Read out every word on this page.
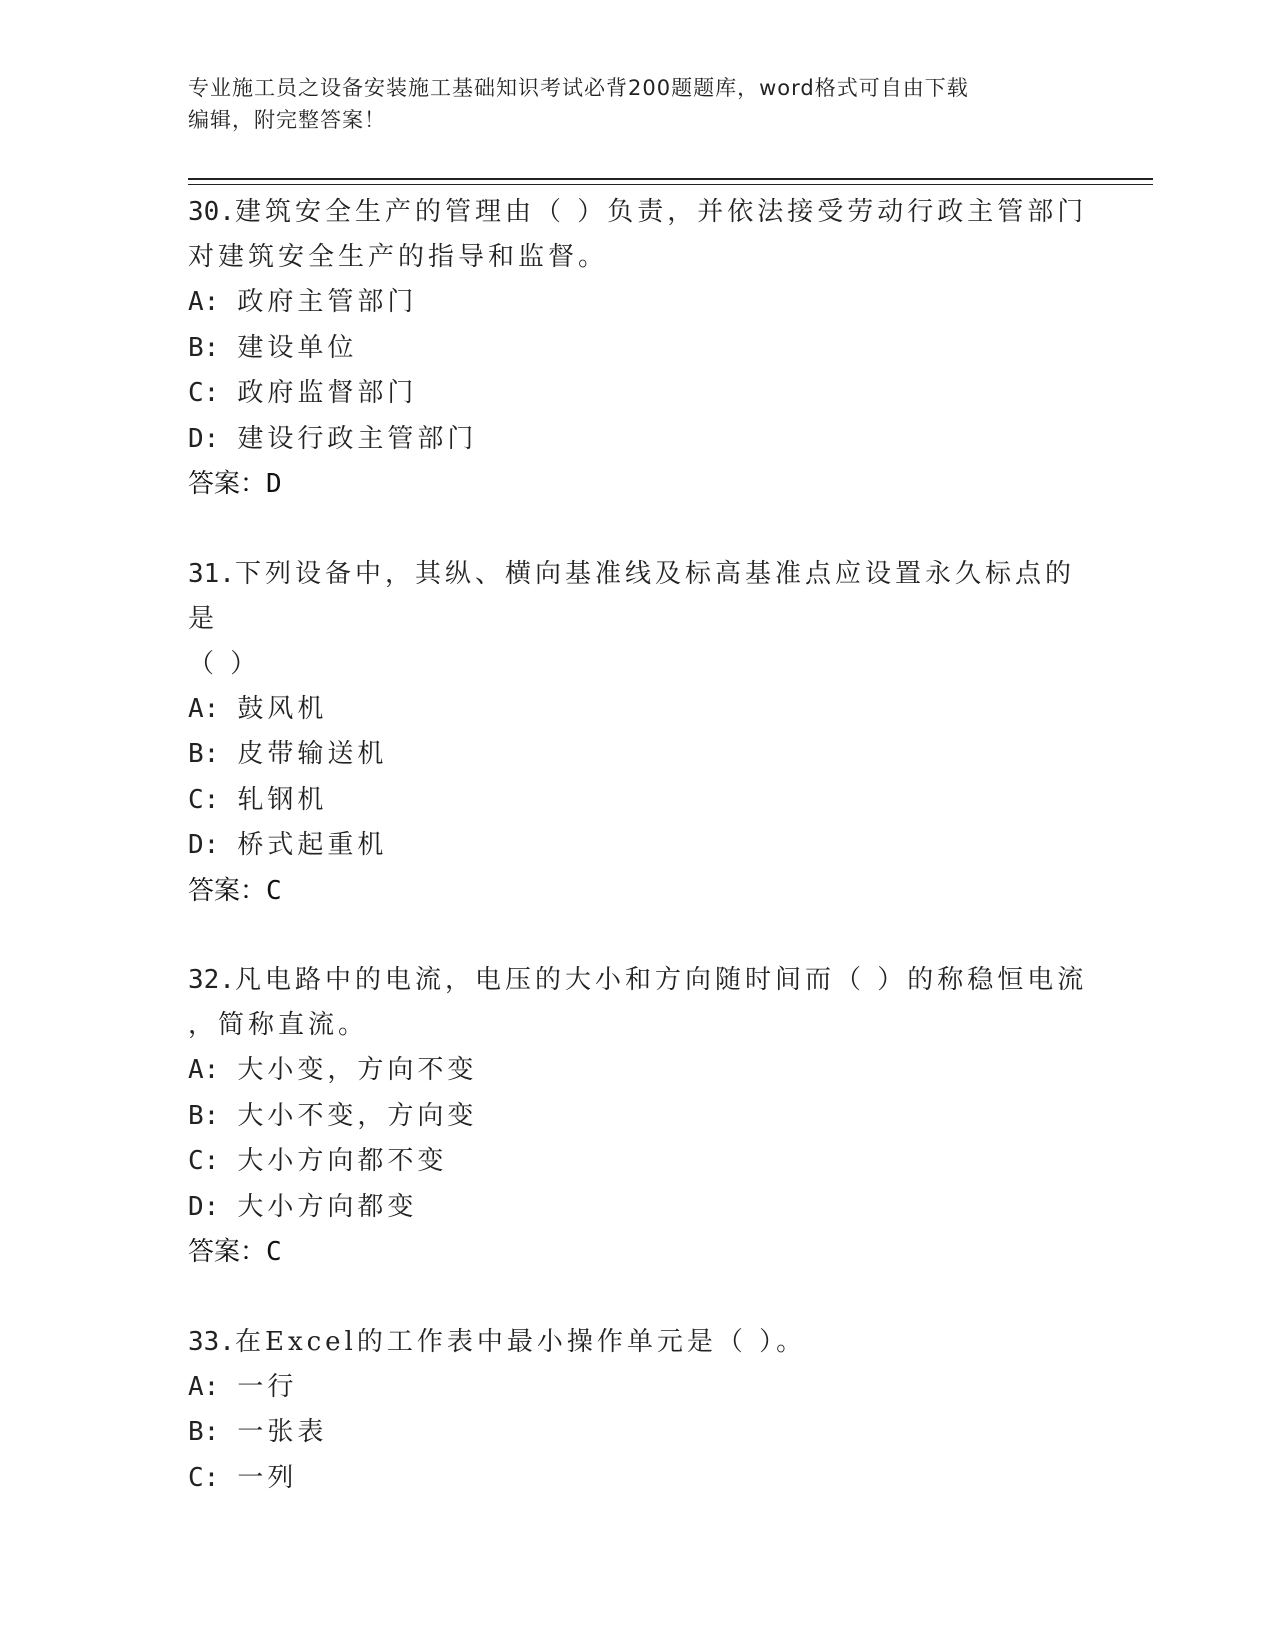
专业施工员之设备安装施工基础知识考试必背200题题库，word格式可自由下载
编辑，附完整答案！
30.建筑安全生产的管理由（ ）负责，并依法接受劳动行政主管部门
对建筑安全生产的指导和监督。
A: 政府主管部门
B: 建设单位
C: 政府监督部门
D: 建设行政主管部门
答案：D
31.下列设备中，其纵、横向基准线及标高基准点应设置永久标点的是
（ ）
A: 鼓风机
B: 皮带输送机
C: 轧钢机
D: 桥式起重机
答案：C
32.凡电路中的电流，电压的大小和方向随时间而（ ）的称稳恒电流
，简称直流。
A: 大小变，方向不变
B: 大小不变，方向变
C: 大小方向都不变
D: 大小方向都变
答案：C
33.在Excel的工作表中最小操作单元是（ ）。
A: 一行
B: 一张表
C: 一列
